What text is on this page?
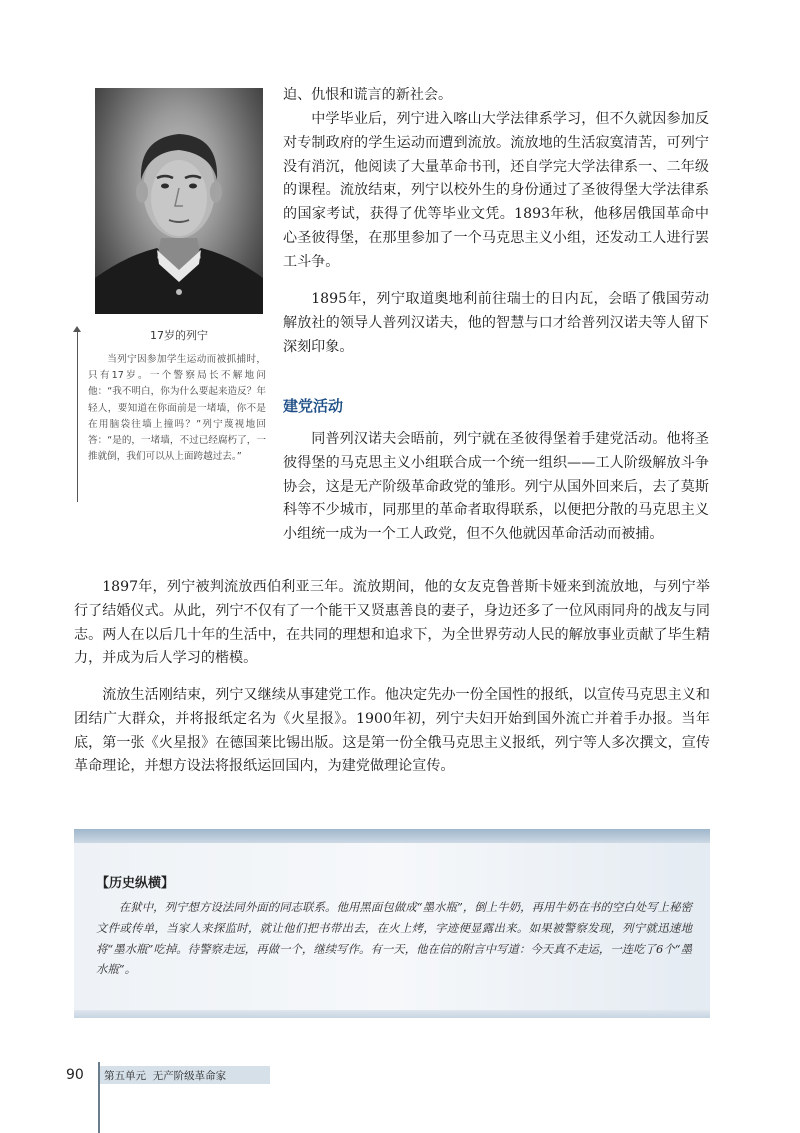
17岁的列宁

当列宁因参加学生运动而被抓捕时，只有17岁。一个警察局长不解地问他：“我不明白，你为什么要起来造反？年轻人，要知道在你面前是一堵墙，你不是在用脑袋往墙上撞吗？”列宁蔑视地回答：“是的，一堵墙，不过已经腐朽了，一推就倒，我们可以从上面跨越过去。”

迫、仇恨和谎言的新社会。

中学毕业后，列宁进入喀山大学法律系学习，但不久就因参加反对专制政府的学生运动而遭到流放。流放地的生活寂寞清苦，可列宁没有消沉，他阅读了大量革命书刊，还自学完大学法律系一、二年级的课程。流放结束，列宁以校外生的身份通过了圣彼得堡大学法律系的国家考试，获得了优等毕业文凭。1893年秋，他移居俄国革命中心圣彼得堡，在那里参加了一个马克思主义小组，还发动工人进行罢工斗争。

1895年，列宁取道奥地利前往瑞士的日内瓦，会晤了俄国劳动解放社的领导人普列汉诺夫，他的智慧与口才给普列汉诺夫等人留下深刻印象。

建党活动

同普列汉诺夫会晤前，列宁就在圣彼得堡着手建党活动。他将圣彼得堡的马克思主义小组联合成一个统一组织——工人阶级解放斗争协会，这是无产阶级革命政党的雏形。列宁从国外回来后，去了莫斯科等不少城市，同那里的革命者取得联系，以便把分散的马克思主义小组统一成为一个工人政党，但不久他就因革命活动而被捕。

1897年，列宁被判流放西伯利亚三年。流放期间，他的女友克鲁普斯卡娅来到流放地，与列宁举行了结婚仪式。从此，列宁不仅有了一个能干又贤惠善良的妻子，身边还多了一位风雨同舟的战友与同志。两人在以后几十年的生活中，在共同的理想和追求下，为全世界劳动人民的解放事业贡献了毕生精力，并成为后人学习的楷模。

流放生活刚结束，列宁又继续从事建党工作。他决定先办一份全国性的报纸，以宣传马克思主义和团结广大群众，并将报纸定名为《火星报》。1900年初，列宁夫妇开始到国外流亡并着手办报。当年底，第一张《火星报》在德国莱比锡出版。这是第一份全俄马克思主义报纸，列宁等人多次撰文，宣传革命理论，并想方设法将报纸运回国内，为建党做理论宣传。

【历史纵横】

在狱中，列宁想方设法同外面的同志联系。他用黑面包做成“墨水瓶”，倒上牛奶，再用牛奶在书的空白处写上秘密文件或传单，当家人来探监时，就让他们把书带出去，在火上烤，字迹便显露出来。如果被警察发现，列宁就迅速地将“墨水瓶”吃掉。待警察走远，再做一个，继续写作。有一天，他在信的附言中写道：今天真不走运，一连吃了6个“墨水瓶”。

90 第五单元  无产阶级革命家
